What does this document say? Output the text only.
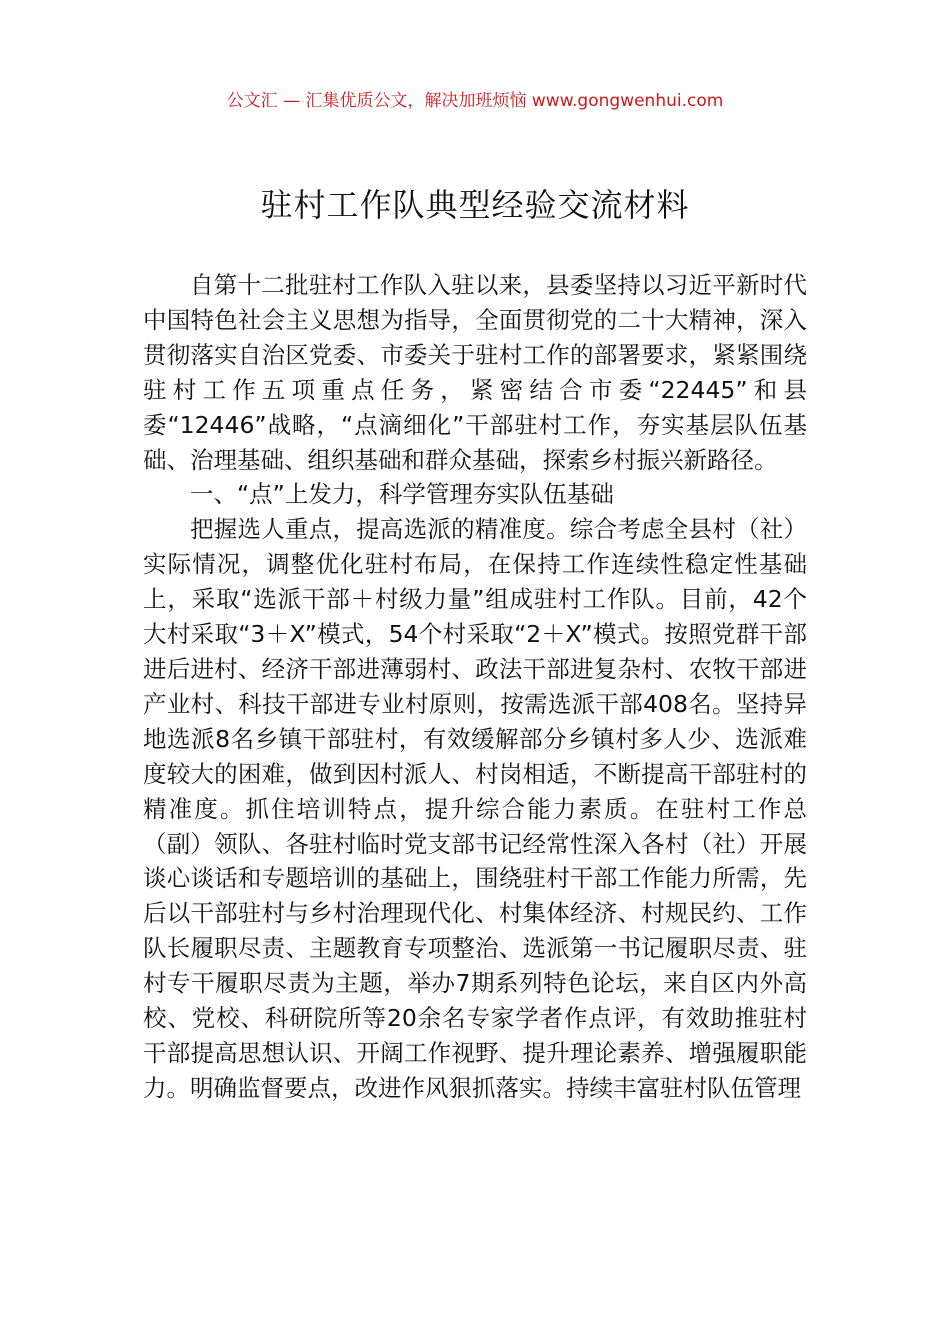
公文汇 — 汇集优质公文，解决加班烦恼 www.gongwenhui.com
驻村工作队典型经验交流材料

自第十二批驻村工作队入驻以来，县委坚持以习近平新时代中国特色社会主义思想为指导，全面贯彻党的二十大精神，深入贯彻落实自治区党委、市委关于驻村工作的部署要求，紧紧围绕驻村工作五项重点任务，紧密结合市委“22445”和县委“12446”战略，“点滴细化”干部驻村工作，夯实基层队伍基础、治理基础、组织基础和群众基础，探索乡村振兴新路径。

一、“点”上发力，科学管理夯实队伍基础

把握选人重点，提高选派的精准度。综合考虑全县村（社）实际情况，调整优化驻村布局，在保持工作连续性稳定性基础上，采取“选派干部＋村级力量”组成驻村工作队。目前，42个大村采取“3＋X”模式，54个村采取“2＋X”模式。按照党群干部进后进村、经济干部进薄弱村、政法干部进复杂村、农牧干部进产业村、科技干部进专业村原则，按需选派干部408名。坚持异地选派8名乡镇干部驻村，有效缓解部分乡镇村多人少、选派难度较大的困难，做到因村派人、村岗相适，不断提高干部驻村的精准度。抓住培训特点，提升综合能力素质。在驻村工作总（副）领队、各驻村临时党支部书记经常性深入各村（社）开展谈心谈话和专题培训的基础上，围绕驻村干部工作能力所需，先后以干部驻村与乡村治理现代化、村集体经济、村规民约、工作队长履职尽责、主题教育专项整治、选派第一书记履职尽责、驻村专干履职尽责为主题，举办7期系列特色论坛，来自区内外高校、党校、科研院所等20余名专家学者作点评，有效助推驻村干部提高思想认识、开阔工作视野、提升理论素养、增强履职能力。明确监督要点，改进作风狠抓落实。持续丰富驻村队伍管理
